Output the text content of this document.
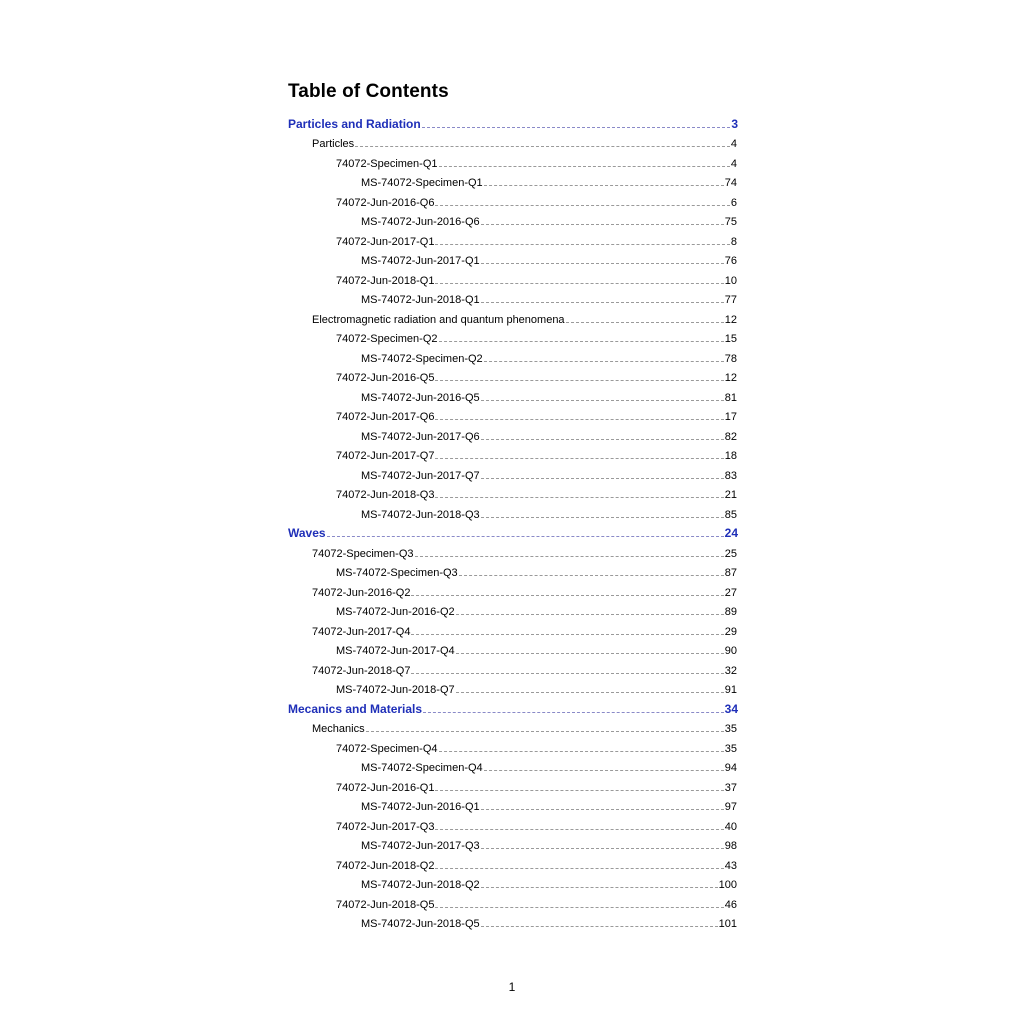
Table of Contents
Particles and Radiation	3
Particles	4
74072-Specimen-Q1	4
MS-74072-Specimen-Q1	74
74072-Jun-2016-Q6	6
MS-74072-Jun-2016-Q6	75
74072-Jun-2017-Q1	8
MS-74072-Jun-2017-Q1	76
74072-Jun-2018-Q1	10
MS-74072-Jun-2018-Q1	77
Electromagnetic radiation and quantum phenomena	12
74072-Specimen-Q2	15
MS-74072-Specimen-Q2	78
74072-Jun-2016-Q5	12
MS-74072-Jun-2016-Q5	81
74072-Jun-2017-Q6	17
MS-74072-Jun-2017-Q6	82
74072-Jun-2017-Q7	18
MS-74072-Jun-2017-Q7	83
74072-Jun-2018-Q3	21
MS-74072-Jun-2018-Q3	85
Waves	24
74072-Specimen-Q3	25
MS-74072-Specimen-Q3	87
74072-Jun-2016-Q2	27
MS-74072-Jun-2016-Q2	89
74072-Jun-2017-Q4	29
MS-74072-Jun-2017-Q4	90
74072-Jun-2018-Q7	32
MS-74072-Jun-2018-Q7	91
Mecanics and Materials	34
Mechanics	35
74072-Specimen-Q4	35
MS-74072-Specimen-Q4	94
74072-Jun-2016-Q1	37
MS-74072-Jun-2016-Q1	97
74072-Jun-2017-Q3	40
MS-74072-Jun-2017-Q3	98
74072-Jun-2018-Q2	43
MS-74072-Jun-2018-Q2	100
74072-Jun-2018-Q5	46
MS-74072-Jun-2018-Q5	101
1
